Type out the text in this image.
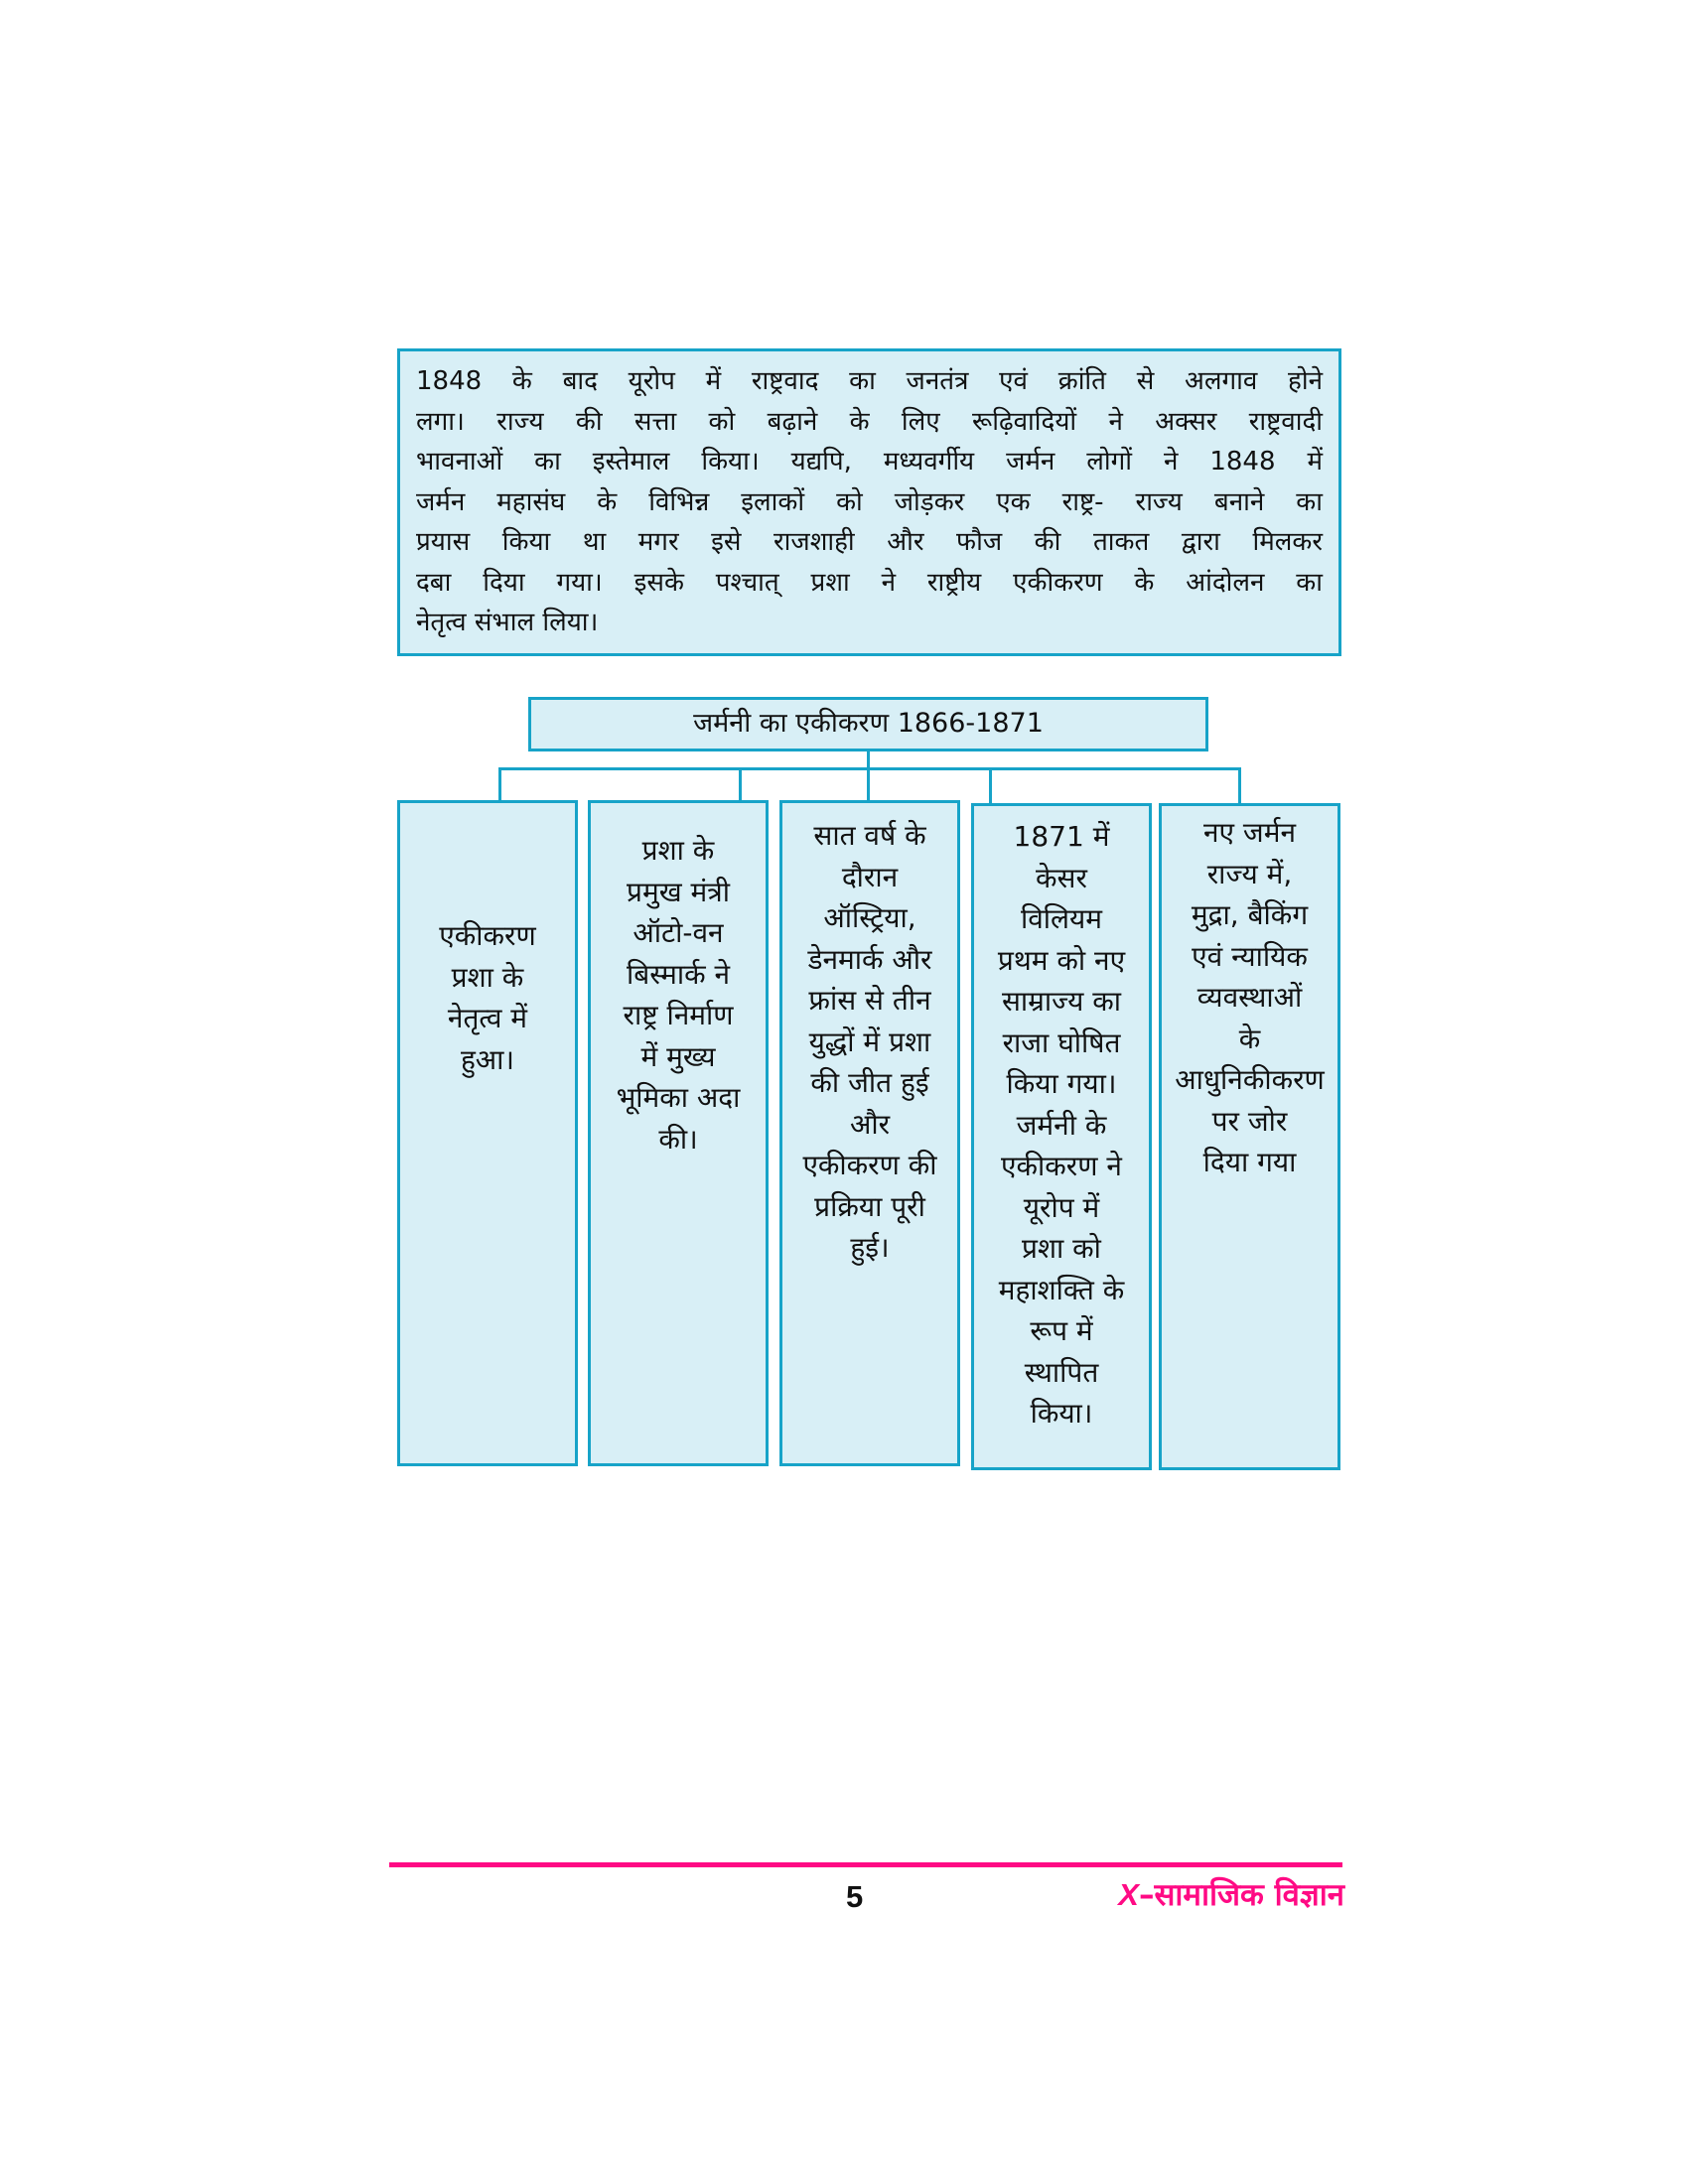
1848 के बाद यूरोप में राष्ट्रवाद का जनतंत्र एवं क्रांति से अलगाव होने
लगा। राज्य की सत्ता को बढ़ाने के लिए रूढ़िवादियों ने अक्सर राष्ट्रवादी
भावनाओं का इस्तेमाल किया। यद्यपि, मध्यवर्गीय जर्मन लोगों ने 1848 में
जर्मन महासंघ के विभिन्न इलाकों को जोड़कर एक राष्ट्र- राज्य बनाने का
प्रयास किया था मगर इसे राजशाही और फौज की ताकत द्वारा मिलकर
दबा दिया गया। इसके पश्चात् प्रशा ने राष्ट्रीय एकीकरण के आंदोलन का
नेतृत्व संभाल लिया।
जर्मनी का एकीकरण 1866-1871
एकीकरण
प्रशा के
नेतृत्व में
हुआ।
प्रशा के
प्रमुख मंत्री
ऑटो-वन
बिस्मार्क ने
राष्ट्र निर्माण
में मुख्य
भूमिका अदा
की।
सात वर्ष के
दौरान
ऑस्ट्रिया,
डेनमार्क और
फ्रांस से तीन
युद्धों में प्रशा
की जीत हुई
और
एकीकरण की
प्रक्रिया पूरी
हुई।
1871 में
केसर
विलियम
प्रथम को नए
साम्राज्य का
राजा घोषित
किया गया।
जर्मनी के
एकीकरण ने
यूरोप में
प्रशा को
महाशक्ति के
रूप में
स्थापित
किया।
नए जर्मन
राज्य में,
मुद्रा, बैकिंग
एवं न्यायिक
व्यवस्थाओं
के
आधुनिकीकरण
पर जोर
दिया गया
5	X–सामाजिक विज्ञान
